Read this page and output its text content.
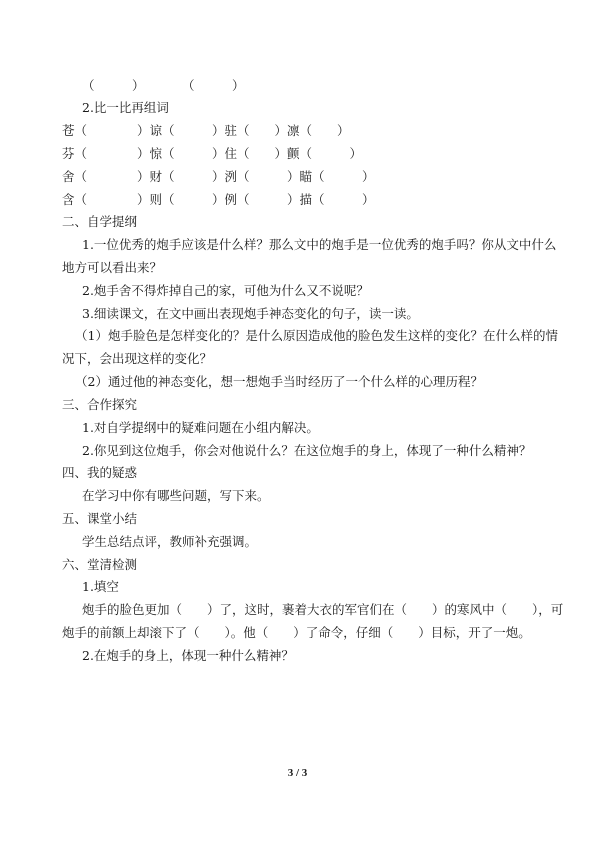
（　　　）　　　　（　　　）
2.比一比再组词
苍（　　　　）谅（　　　）驻（　　）凛（　　）
芬（　　　　）惊（　　　）住（　　）颤（　　　）
舍（　　　　）财（　　　）洌（　　　）瞄（　　　）
含（　　　　）则（　　　）例（　　　）描（　　　）
二、自学提纲
1.一位优秀的炮手应该是什么样？那么文中的炮手是一位优秀的炮手吗？你从文中什么
地方可以看出来？
2.炮手舍不得炸掉自己的家，可他为什么又不说呢？
3.细读课文，在文中画出表现炮手神态变化的句子，读一读。
（1）炮手脸色是怎样变化的？是什么原因造成他的脸色发生这样的变化？在什么样的情
况下，会出现这样的变化？
（2）通过他的神态变化，想一想炮手当时经历了一个什么样的心理历程？
三、合作探究
1.对自学提纲中的疑难问题在小组内解决。
2.你见到这位炮手，你会对他说什么？在这位炮手的身上，体现了一种什么精神？
四、我的疑惑
在学习中你有哪些问题，写下来。
五、课堂小结
学生总结点评，教师补充强调。
六、堂清检测
1.填空
炮手的脸色更加（　　）了，这时，裹着大衣的军官们在（　　）的寒风中（　　），可
炮手的前额上却滚下了（　　）。他（　　）了命令，仔细（　　）目标，开了一炮。
2.在炮手的身上，体现一种什么精神？
3 / 3
